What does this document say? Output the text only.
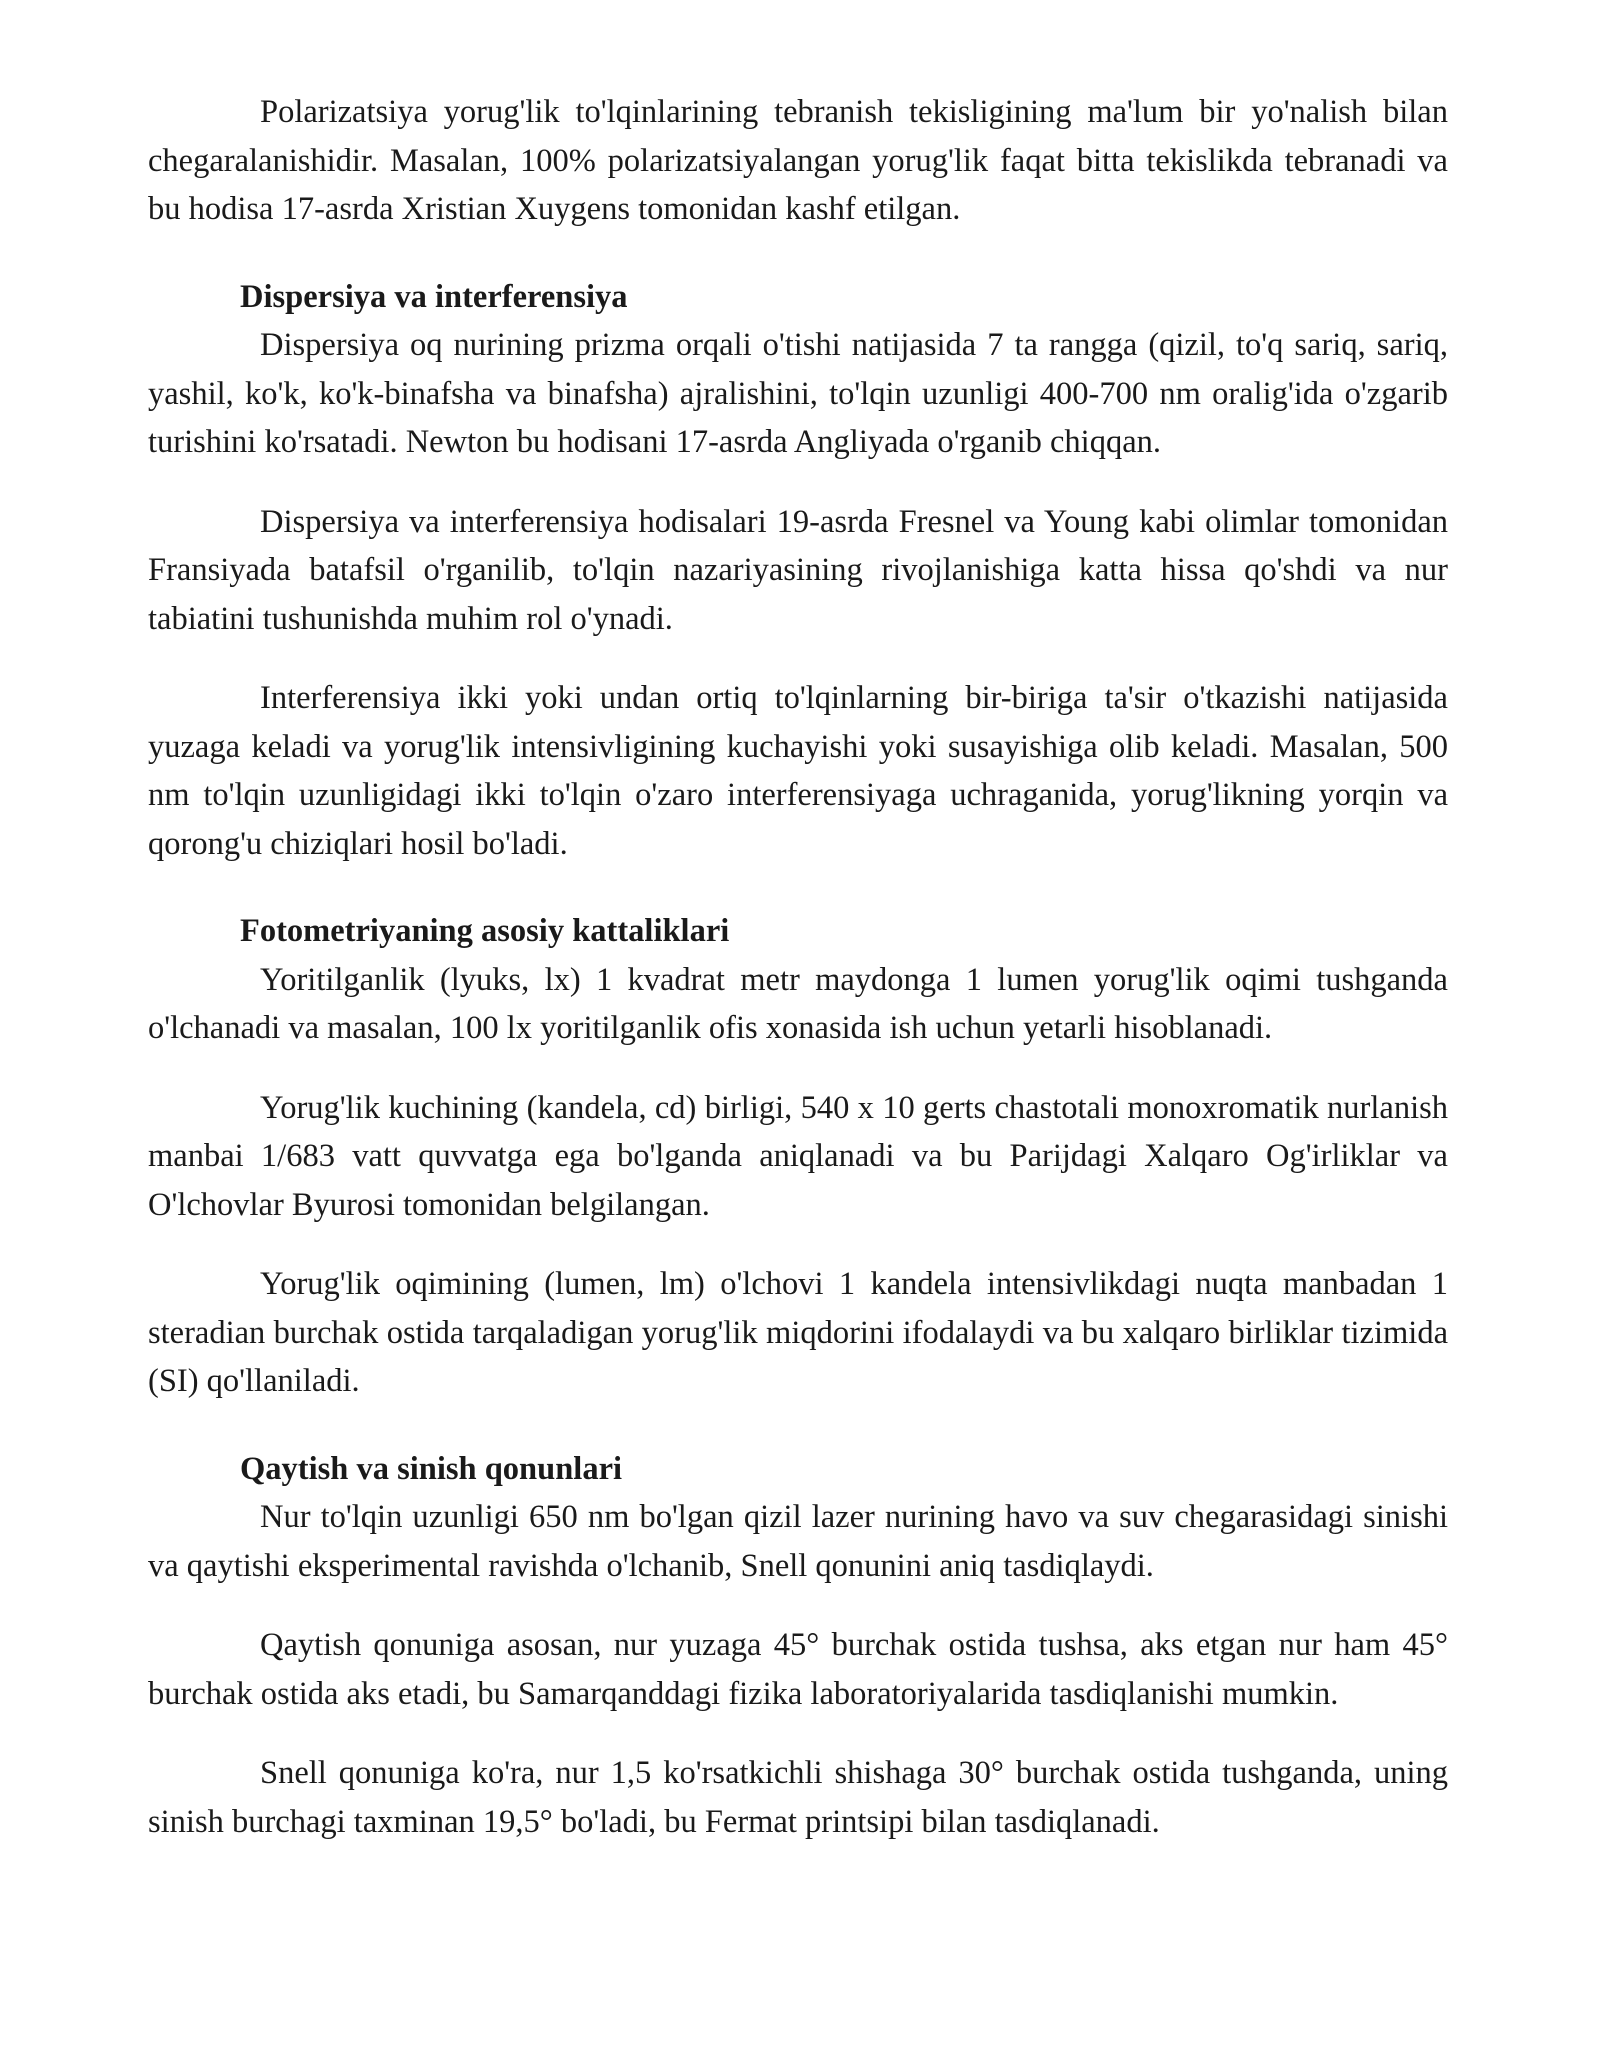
Polarizatsiya yorug'lik to'lqinlarining tebranish tekisligining ma'lum bir yo'nalish bilan chegaralanishidir. Masalan, 100% polarizatsiyalangan yorug'lik faqat bitta tekislikda tebranadi va bu hodisa 17-asrda Xristian Xuygens tomonidan kashf etilgan.

Dispersiya va interferensiya

Dispersiya oq nurining prizma orqali o'tishi natijasida 7 ta rangga (qizil, to'q sariq, sariq, yashil, ko'k, ko'k-binafsha va binafsha) ajralishini, to'lqin uzunligi 400-700 nm oralig'ida o'zgarib turishini ko'rsatadi. Newton bu hodisani 17-asrda Angliyada o'rganib chiqqan.

Dispersiya va interferensiya hodisalari 19-asrda Fresnel va Young kabi olimlar tomonidan Fransiyada batafsil o'rganilib, to'lqin nazariyasining rivojlanishiga katta hissa qo'shdi va nur tabiatini tushunishda muhim rol o'ynadi.

Interferensiya ikki yoki undan ortiq to'lqinlarning bir-biriga ta'sir o'tkazishi natijasida yuzaga keladi va yorug'lik intensivligining kuchayishi yoki susayishiga olib keladi. Masalan, 500 nm to'lqin uzunligidagi ikki to'lqin o'zaro interferensiyaga uchraganida, yorug'likning yorqin va qorong'u chiziqlari hosil bo'ladi.

Fotometriyaning asosiy kattaliklari

Yoritilganlik (lyuks, lx) 1 kvadrat metr maydonga 1 lumen yorug'lik oqimi tushganda o'lchanadi va masalan, 100 lx yoritilganlik ofis xonasida ish uchun yetarli hisoblanadi.

Yorug'lik kuchining (kandela, cd) birligi, 540 x 10 gerts chastotali monoxromatik nurlanish manbai 1/683 vatt quvvatga ega bo'lganda aniqlanadi va bu Parijdagi Xalqaro Og'irliklar va O'lchovlar Byurosi tomonidan belgilangan.

Yorug'lik oqimining (lumen, lm) o'lchovi 1 kandela intensivlikdagi nuqta manbadan 1 steradian burchak ostida tarqaladigan yorug'lik miqdorini ifodalaydi va bu xalqaro birliklar tizimida (SI) qo'llaniladi.

Qaytish va sinish qonunlari

Nur to'lqin uzunligi 650 nm bo'lgan qizil lazer nurining havo va suv chegarasidagi sinishi va qaytishi eksperimental ravishda o'lchanib, Snell qonunini aniq tasdiqlaydi.

Qaytish qonuniga asosan, nur yuzaga 45° burchak ostida tushsa, aks etgan nur ham 45° burchak ostida aks etadi, bu Samarqanddagi fizika laboratoriyalarida tasdiqlanishi mumkin.

Snell qonuniga ko'ra, nur 1,5 ko'rsatkichli shishaga 30° burchak ostida tushganda, uning sinish burchagi taxminan 19,5° bo'ladi, bu Fermat printsipi bilan tasdiqlanadi.
